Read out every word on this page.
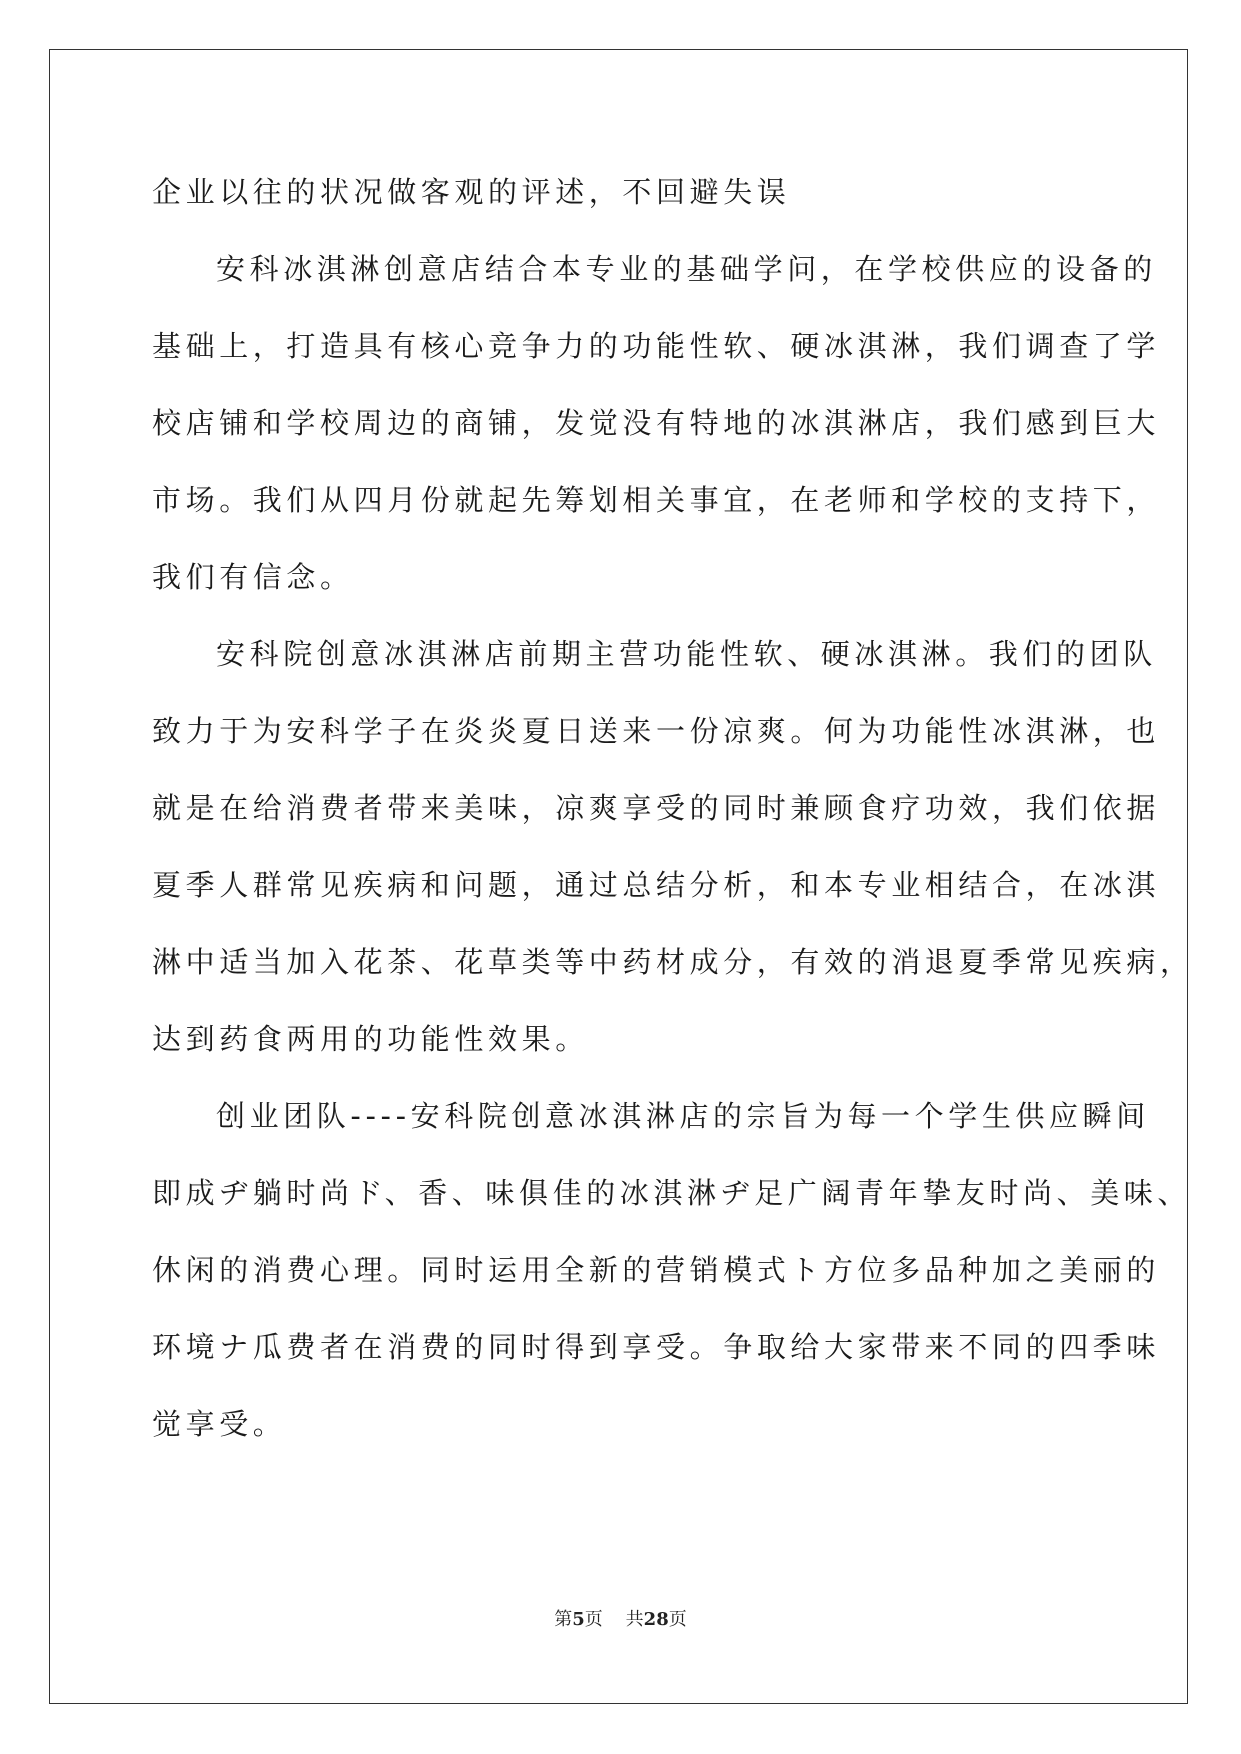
企业以往的状况做客观的评述，不回避失误
安科冰淇淋创意店结合本专业的基础学问，在学校供应的设备的
基础上，打造具有核心竞争力的功能性软、硬冰淇淋，我们调查了学
校店铺和学校周边的商铺，发觉没有特地的冰淇淋店，我们感到巨大
市场。我们从四月份就起先筹划相关事宜，在老师和学校的支持下，
我们有信念。
安科院创意冰淇淋店前期主营功能性软、硬冰淇淋。我们的团队
致力于为安科学子在炎炎夏日送来一份凉爽。何为功能性冰淇淋，也
就是在给消费者带来美味，凉爽享受的同时兼顾食疗功效，我们依据
夏季人群常见疾病和问题，通过总结分析，和本专业相结合，在冰淇
淋中适当加入花茶、花草类等中药材成分，有效的消退夏季常见疾病，
达到药食两用的功能性效果。
创业团队----安科院创意冰淇淋店的宗旨为每一个学生供应瞬间
即成ヂ躺时尚ド、香、味俱佳的冰淇淋ヂ足广阔青年挚友时尚、美味、
休闲的消费心理。同时运用全新的营销模式ト方位多品种加之美丽的
环境ナ瓜费者在消费的同时得到享受。争取给大家带来不同的四季味
觉享受。
第5页 共28页
